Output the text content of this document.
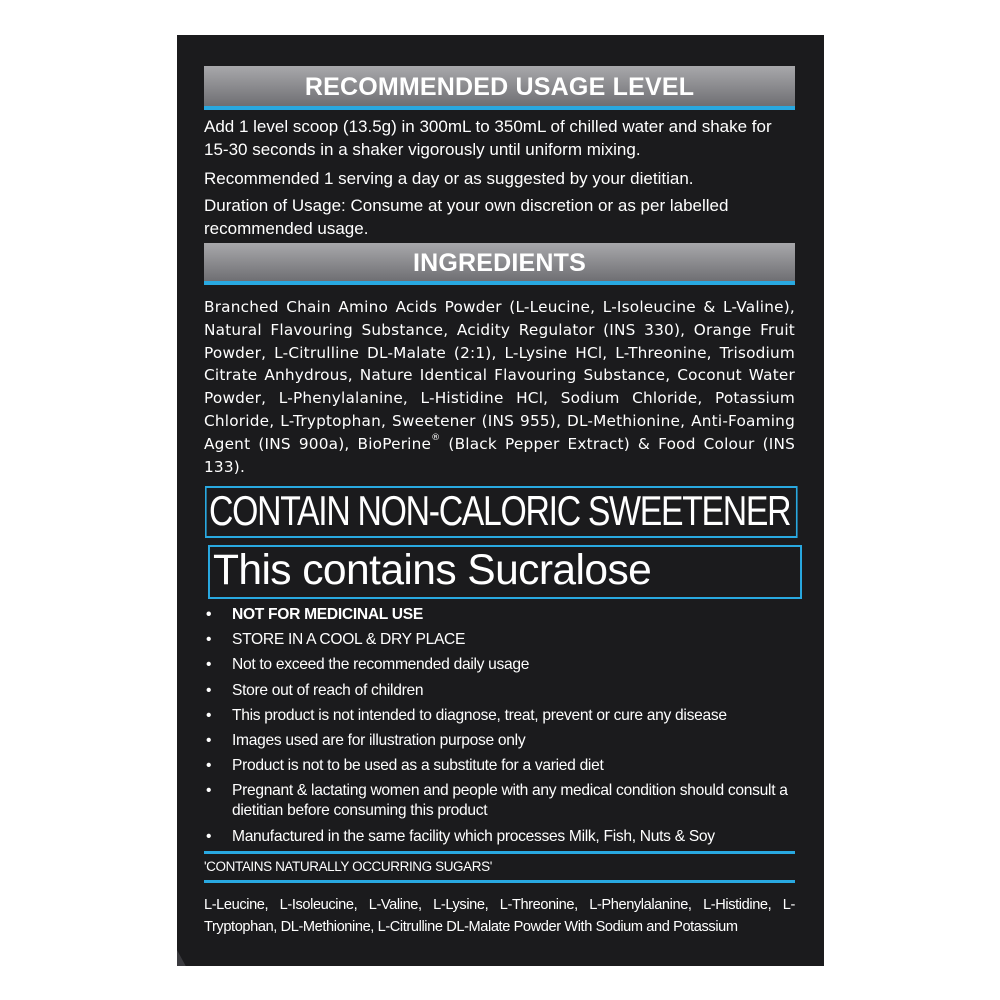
RECOMMENDED USAGE LEVEL

Add 1 level scoop (13.5g) in 300mL to 350mL of chilled water and shake for 15-30 seconds in a shaker vigorously until uniform mixing.

Recommended 1 serving a day or as suggested by your dietitian.

Duration of Usage: Consume at your own discretion or as per labelled recommended usage.

INGREDIENTS

Branched Chain Amino Acids Powder (L-Leucine, L-Isoleucine & L-Valine), Natural Flavouring Substance, Acidity Regulator (INS 330), Orange Fruit Powder, L-Citrulline DL-Malate (2:1), L-Lysine HCl, L-Threonine, Trisodium Citrate Anhydrous, Nature Identical Flavouring Substance, Coconut Water Powder, L-Phenylalanine, L-Histidine HCl, Sodium Chloride, Potassium Chloride, L-Tryptophan, Sweetener (INS 955), DL-Methionine, Anti-Foaming Agent (INS 900a), BioPerine® (Black Pepper Extract) & Food Colour (INS 133).

CONTAIN NON-CALORIC SWEETENER
This contains Sucralose
• NOT FOR MEDICINAL USE
• STORE IN A COOL & DRY PLACE
• Not to exceed the recommended daily usage
• Store out of reach of children
• This product is not intended to diagnose, treat, prevent or cure any disease
• Images used are for illustration purpose only
• Product is not to be used as a substitute for a varied diet
• Pregnant & lactating women and people with any medical condition should consult a dietitian before consuming this product
• Manufactured in the same facility which processes Milk, Fish, Nuts & Soy
'CONTAINS NATURALLY OCCURRING SUGARS'

L-Leucine, L-Isoleucine, L-Valine, L-Lysine, L-Threonine, L-Phenylalanine, L-Histidine, L-Tryptophan, DL-Methionine, L-Citrulline DL-Malate Powder With Sodium and Potassium
